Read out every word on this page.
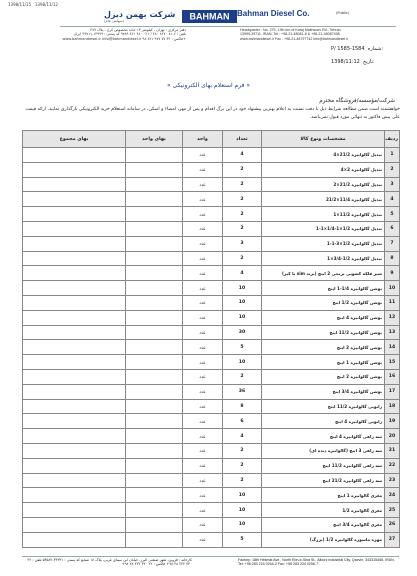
1398/11/15 1398/11/12
شرکت بهمن دیزل
(سهامی عام)	BAHMAN Bahman Diesel Co.	(Public)
دفتر مرکزی : تهران - کیلومتر ۱۳ جاده مخصوص کرج - پلاک ۲۷۹
تلفن : ۶-۸۱ ۸۲۷۰ ۴۸۰ / ۰۲۱ ۴۸۰ ۸۲۱ ۹۷۸۹ کد پستی : ۱۳۹۹۹-۳۹۷۱۱ ایران
www.bahmandiesel.ir info@bahmandiesel.ir فاکس : ۴۲ ۷۷ ۹۷۷ ۸۲۱ ۹۸+
Headquarter : No. 279, 13th km of Karaj Makhsous Rd., Tehran
13999-39711, IRAN. Tel : +98-21-48081-6 & +98-21-48087498
www.bahmandiesel.ir Fax : +98-21-48797742 info@bahmandiesel.ir
P/ 1585-1584 شماره:
1398/11:12 تاریخ:
« فرم استعلام بهای الکترونیکی »
شرکت/مؤسسه/فروشگاه محترم
خواهشمند است ضمن مطالعه شرایط ذیل با دقت نسبت به اعلام بهترین پیشنهاد خود در این برگ اقدام و پس از مهر، امضاء و اسکن، در سامانه استعلام خرید الکترونیکی بارگذاری نمایید. ارائه قیمت علی پیش فاکتور به تنهائی مورد قبول نمی‌باشد.
ردیف	مشخصات ونوع کالا	تعداد	واحد	بهای واحد	بهای مجموع
1	تبدیل گالوانیزه 21/2×4	4	عدد		
2	تبدیل گالوانیزه 2×4	2	عدد		
3	تبدیل گالوانیزه 21/2×2	2	عدد		
4	تبدیل گالوانیزه 11/4×21/2	2	عدد		
5	تبدیل گالوانیزه 11/2×1	2	عدد		
6	تبدیل گالوانیزه 1/2×1-1/4×1-1	2	عدد		
7	تبدیل گالوانیزه 1/2×3-1-1	3	عدد		
8	تبدیل گالوانیزه 1/2-3/4×1	2	عدد		
9	شیر فلکه کشویی برنجی 2 اینچ (برند sim یا کیز)	4	عدد		
10	بوشن گالوانیزه 1/4-1 اینچ	10	عدد		
11	بوشن گالوانیزه 1/2 اینچ	10	عدد		
12	بوشن گالوانیزه 4 اینچ	10	عدد		
13	بوشن گالوانیزه 11/2 اینچ	30	عدد		
14	بوشن گالوانیزه 2 اینچ	5	عدد		
15	بوشن گالوانیزه 1 اینچ	10	عدد		
16	بوشن گالوانیزه 2 اینچ	2	عدد		
17	بوشن گالوانیزه 3/4 اینچ	36	عدد		
18	زانویی گالوانیزه 11/2 اینچ	8	عدد		
19	زانویی گالوانیزه 4 اینچ	6	عدد		
20	سه راهی گالوانیزه 4 اینچ	4	عدد		
21	سه راهی 3 اینچ (گالوانیزه دنده ای)	2	عدد		
22	سه راهی گالوانیزه 11/2 اینچ	2	عدد		
23	سه راهی گالوانیزه 21/2 اینچ	2	عدد		
24	مغزی گالوانیزه 1 اینچ	10	عدد		
25	مغزی گالوانیزه 1/2	10	عدد		
26	مغزی گالوانیزه 3/4 اینچ	10	عدد		
27	مهره ماسوره گالوانیزه 1/2 (بزرگ)	5	عدد		
کارخانه : قزوین، شهر صنعتی البرز، خیابان ابن سینای غربی، پلاک ۱۸ صنایع کد پستی : ۳۴۳۳۱-۵۴۵۸۲ تلفن : ۲۲ ۴۴۰ ۲۲۲ ۲۸ ۹۸+ فاکس : ۲۲ ۴۴۰ ۲۲۲ ۲۸ ۹۸+
Factory: 18th Hekmat Ave., North Ebn-e-Sina St., Alborz Industrial City, Qazvin, 343315458, IRAN. Tel: +98 283 224 0244-2 Fax: +98 283 224 0256-7
